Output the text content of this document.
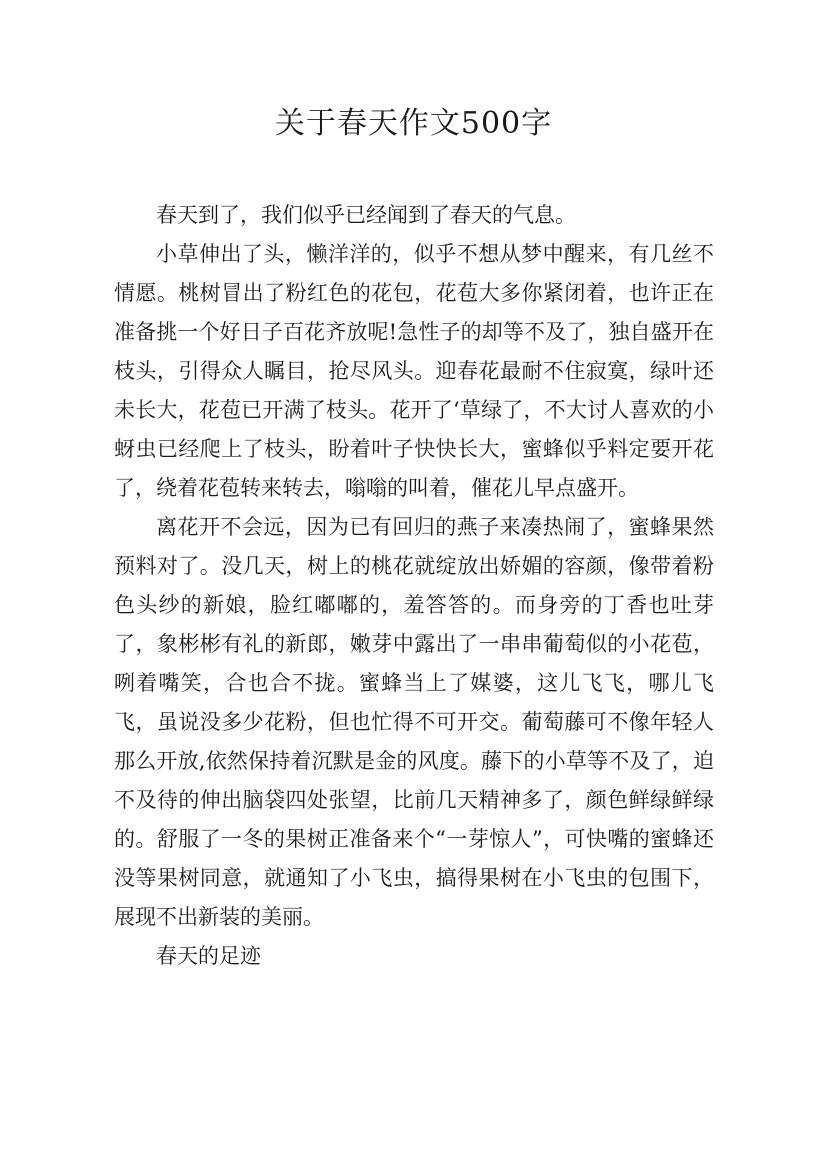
关于春天作文500字

春天到了，我们似乎已经闻到了春天的气息。

小草伸出了头，懒洋洋的，似乎不想从梦中醒来，有几丝不情愿。桃树冒出了粉红色的花包，花苞大多你紧闭着，也许正在准备挑一个好日子百花齐放呢!急性子的却等不及了，独自盛开在枝头，引得众人瞩目，抢尽风头。迎春花最耐不住寂寞，绿叶还未长大，花苞已开满了枝头。花开了‘草绿了，不大讨人喜欢的小蚜虫已经爬上了枝头，盼着叶子快快长大，蜜蜂似乎料定要开花了，绕着花苞转来转去，嗡嗡的叫着，催花儿早点盛开。

离花开不会远，因为已有回归的燕子来凑热闹了，蜜蜂果然预料对了。没几天，树上的桃花就绽放出娇媚的容颜，像带着粉色头纱的新娘，脸红嘟嘟的，羞答答的。而身旁的丁香也吐芽了，象彬彬有礼的新郎，嫩芽中露出了一串串葡萄似的小花苞，咧着嘴笑，合也合不拢。蜜蜂当上了媒婆，这儿飞飞，哪儿飞飞，虽说没多少花粉，但也忙得不可开交。葡萄藤可不像年轻人那么开放,依然保持着沉默是金的风度。藤下的小草等不及了，迫不及待的伸出脑袋四处张望，比前几天精神多了，颜色鲜绿鲜绿的。舒服了一冬的果树正准备来个“一芽惊人”，可快嘴的蜜蜂还没等果树同意，就通知了小飞虫，搞得果树在小飞虫的包围下，展现不出新装的美丽。

春天的足迹
